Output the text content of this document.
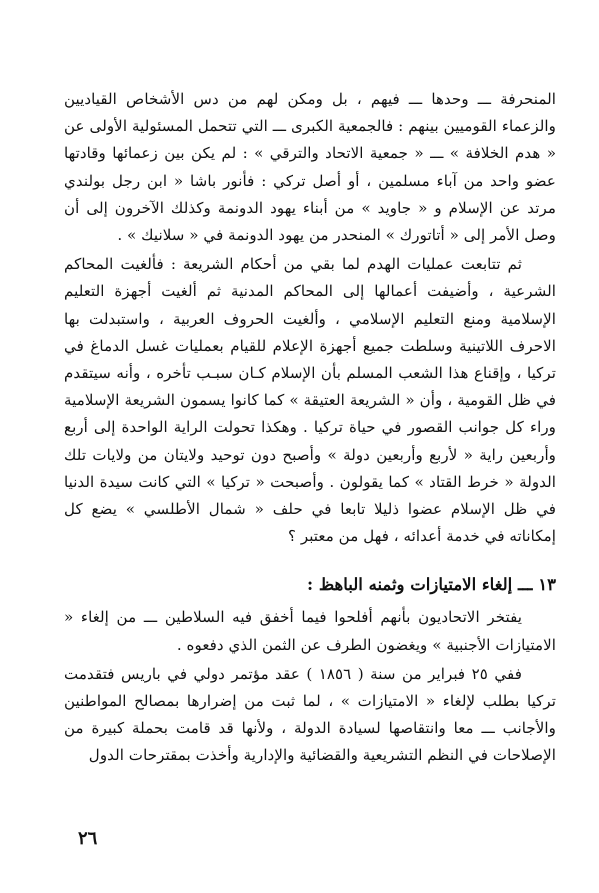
المنحرفة ـــ وحدها ـــ فيهم ، بل ومكن لهم من دس الأشخاص القياديين والزعماء القوميين بينهم : فالجمعية الكبرى ـــ التي تتحمل المسئولية الأولى عن « هدم الخلافة » ـــ « جمعية الاتحاد والترقي » : لم يكن بين زعمائها وقادتها عضو واحد من آباء مسلمين ، أو أصل تركي : فأنور باشا « ابن رجل بولندي مرتد عن الإسلام و « جاويد » من أبناء يهود الدونمة وكذلك الآخرون إلى أن وصل الأمر إلى « أتاتورك » المنحدر من يهود الدونمة في « سلانيك » .

ثم تتابعت عمليات الهدم لما بقي من أحكام الشريعة : فألغيت المحاكم الشرعية ، وأضيفت أعمالها إلى المحاكم المدنية ثم ألغيت أجهزة التعليم الإسلامية ومنع التعليم الإسلامي ، وألغيت الحروف العربية ، واستبدلت بها الاحرف اللاتينية وسلطت جميع أجهزة الإعلام للقيام بعمليات غسل الدماغ في تركيا ، وإقناع هذا الشعب المسلم بأن الإسلام كـان سبـب تأخره ، وأنه سيتقدم في ظل القومية ، وأن « الشريعة العتيقة » كما كانوا يسمون الشريعة الإسلامية وراء كل جوانب القصور في حياة تركيا . وهكذا تحولت الراية الواحدة إلى أربع وأربعين راية « لأربع وأربعين دولة » وأصبح دون توحيد ولايتان من ولايات تلك الدولة « خرط القتاد » كما يقولون . وأصبحت « تركيا » التي كانت سيدة الدنيا في ظل الإسلام عضوا ذليلا تابعا في حلف « شمال الأطلسي » يضع كل إمكاناته في خدمة أعدائه ، فهل من معتبر ؟

١٣ ـــ إلغاء الامتيازات وثمنه الباهظ :

يفتخر الاتحاديون بأنهم أفلحوا فيما أخفق فيه السلاطين ـــ من إلغاء « الامتيازات الأجنبية » ويغضون الطرف عن الثمن الذي دفعوه .

ففي ٢٥ فبراير من سنة ( ١٨٥٦ ) عقد مؤتمر دولي في باريس فتقدمت تركيا بطلب لإلغاء « الامتيازات » ، لما ثبت من إضرارها بمصالح المواطنين والأجانب ـــ معا وانتقاصها لسيادة الدولة ، ولأنها قد قامت بحملة كبيرة من الإصلاحات في النظم التشريعية والقضائية والإدارية وأخذت بمقترحات الدول

٢٦
